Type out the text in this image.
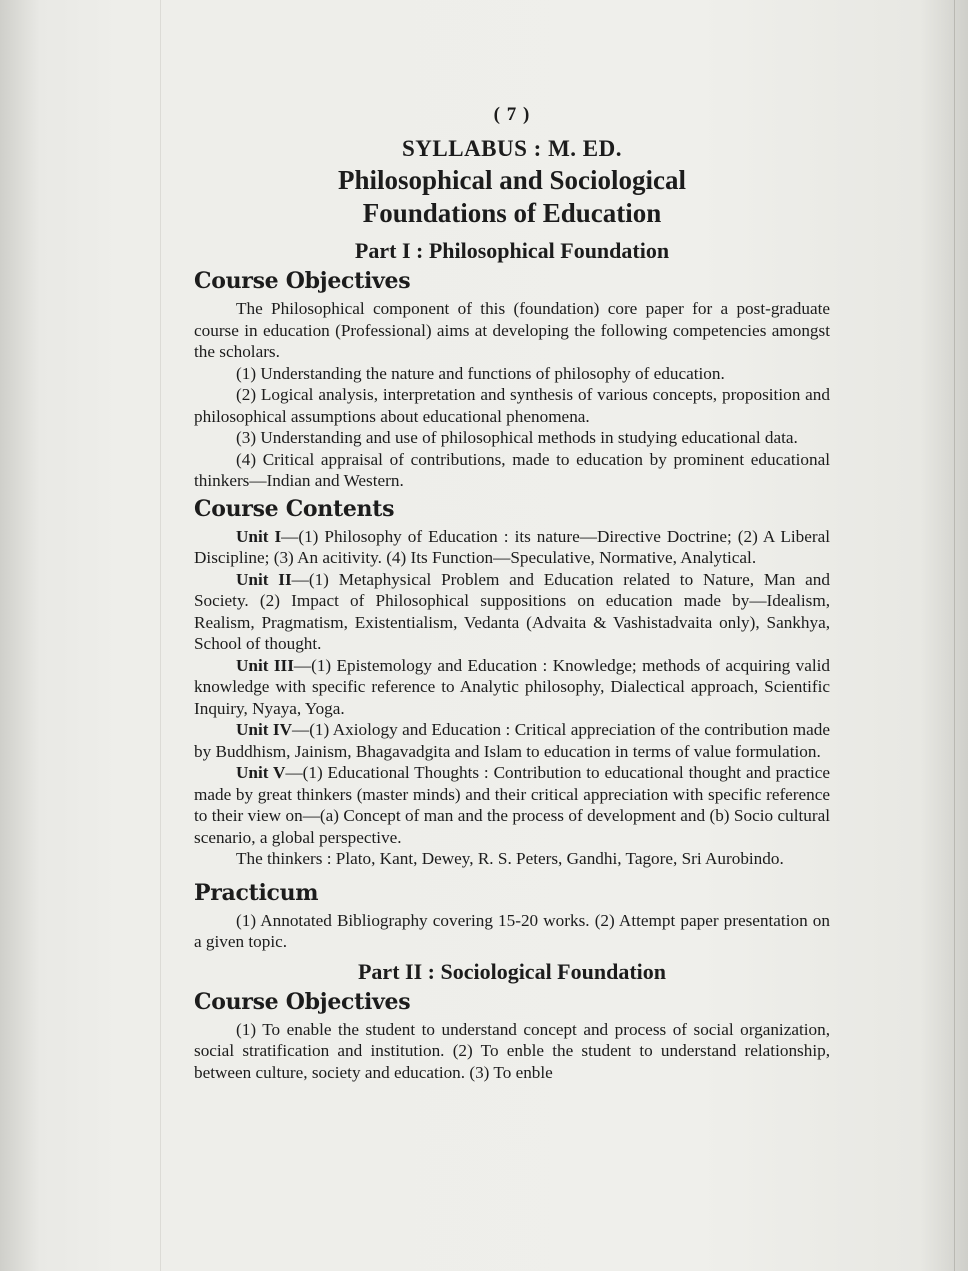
( 7 )
SYLLABUS : M. ED.
Philosophical and Sociological
Foundations of Education
Part I : Philosophical Foundation
Course Objectives

The Philosophical component of this (foundation) core paper for a post-graduate course in education (Professional) aims at developing the following competencies amongst the scholars.

(1) Understanding the nature and functions of philosophy of education.

(2) Logical analysis, interpretation and synthesis of various concepts, proposition and philosophical assumptions about educational phenomena.

(3) Understanding and use of philosophical methods in studying educational data.

(4) Critical appraisal of contributions, made to education by prominent educational thinkers—Indian and Western.

Course Contents

Unit I—(1) Philosophy of Education : its nature—Directive Doctrine; (2) A Liberal Discipline; (3) An acitivity. (4) Its Function—Speculative, Normative, Analytical.

Unit II—(1) Metaphysical Problem and Education related to Nature, Man and Society. (2) Impact of Philosophical suppositions on education made by—Idealism, Realism, Pragmatism, Existentialism, Vedanta (Advaita & Vashistadvaita only), Sankhya, School of thought.

Unit III—(1) Epistemology and Education : Knowledge; methods of acquiring valid knowledge with specific reference to Analytic philosophy, Dialectical approach, Scientific Inquiry, Nyaya, Yoga.

Unit IV—(1) Axiology and Education : Critical appreciation of the contribution made by Buddhism, Jainism, Bhagavadgita and Islam to education in terms of value formulation.

Unit V—(1) Educational Thoughts : Contribution to educational thought and practice made by great thinkers (master minds) and their critical appreciation with specific reference to their view on—(a) Concept of man and the process of development and (b) Socio cultural scenario, a global perspective.

The thinkers : Plato, Kant, Dewey, R. S. Peters, Gandhi, Tagore, Sri Aurobindo.

Practicum

(1) Annotated Bibliography covering 15-20 works. (2) Attempt paper presentation on a given topic.

Part II : Sociological Foundation
Course Objectives

(1) To enable the student to understand concept and process of social organization, social stratification and institution. (2) To enble the student to understand relationship, between culture, society and education. (3) To enble
